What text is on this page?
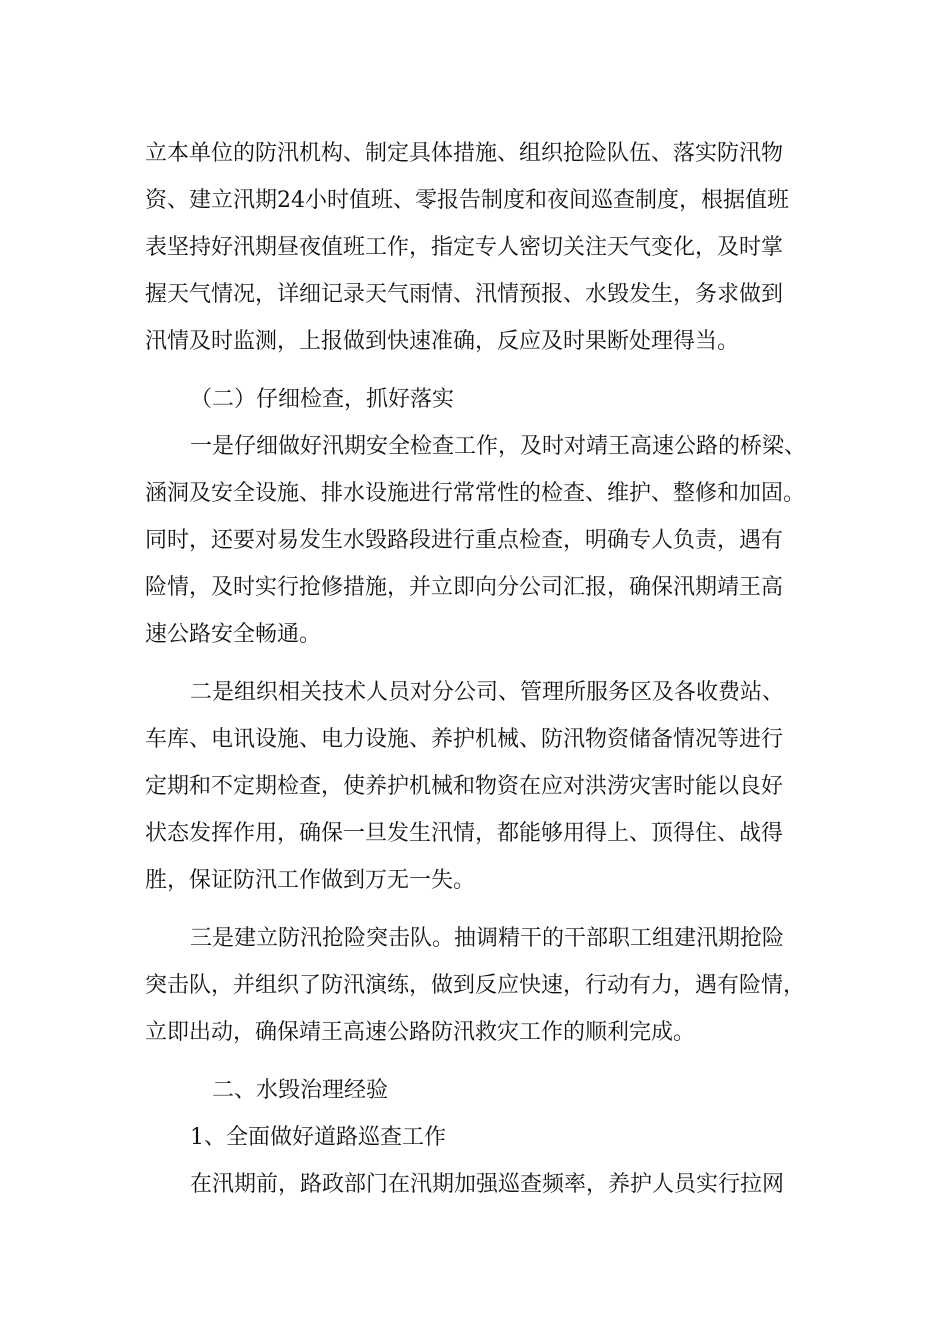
立本单位的防汛机构、制定具体措施、组织抢险队伍、落实防汛物
资、建立汛期24小时值班、零报告制度和夜间巡查制度，根据值班
表坚持好汛期昼夜值班工作，指定专人密切关注天气变化，及时掌
握天气情况，详细记录天气雨情、汛情预报、水毁发生，务求做到
汛情及时监测，上报做到快速准确，反应及时果断处理得当。
（二）仔细检查，抓好落实
一是仔细做好汛期安全检查工作，及时对靖王高速公路的桥梁、
涵洞及安全设施、排水设施进行常常性的检查、维护、整修和加固。
同时，还要对易发生水毁路段进行重点检查，明确专人负责，遇有
险情，及时实行抢修措施，并立即向分公司汇报，确保汛期靖王高
速公路安全畅通。
二是组织相关技术人员对分公司、管理所服务区及各收费站、
车库、电讯设施、电力设施、养护机械、防汛物资储备情况等进行
定期和不定期检查，使养护机械和物资在应对洪涝灾害时能以良好
状态发挥作用，确保一旦发生汛情，都能够用得上、顶得住、战得
胜，保证防汛工作做到万无一失。
三是建立防汛抢险突击队。抽调精干的干部职工组建汛期抢险
突击队，并组织了防汛演练，做到反应快速，行动有力，遇有险情，
立即出动，确保靖王高速公路防汛救灾工作的顺利完成。
二、水毁治理经验
1、全面做好道路巡查工作
在汛期前，路政部门在汛期加强巡查频率，养护人员实行拉网
